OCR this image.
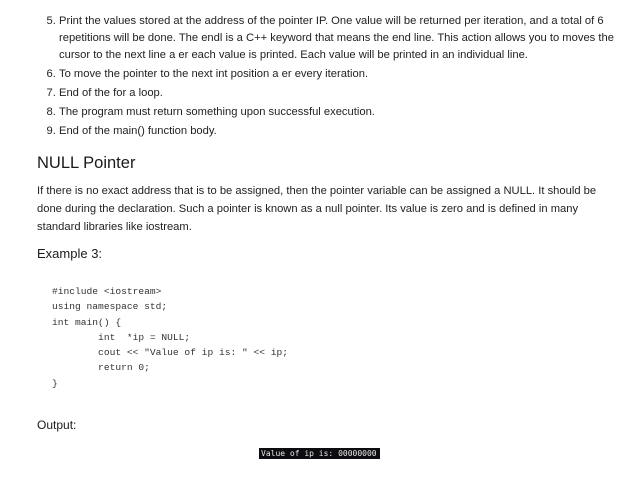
5. Print the values stored at the address of the pointer IP. One value will be returned per iteration, and a total of 6 repetitions will be done. The endl is a C++ keyword that means the end line. This action allows you to moves the cursor to the next line a er each value is printed. Each value will be printed in an individual line.
6. To move the pointer to the next int position a er every iteration.
7. End of the for a loop.
8. The program must return something upon successful execution.
9. End of the main() function body.
NULL Pointer

If there is no exact address that is to be assigned, then the pointer variable can be assigned a NULL. It should be done during the declaration. Such a pointer is known as a null pointer. Its value is zero and is defined in many standard libraries like iostream.

Example 3:
#include <iostream>
using namespace std;
int main() {
int  *ip = NULL;
cout << "Value of ip is: " << ip;
return 0;
}
Output:
Value of ip is: 00000000
